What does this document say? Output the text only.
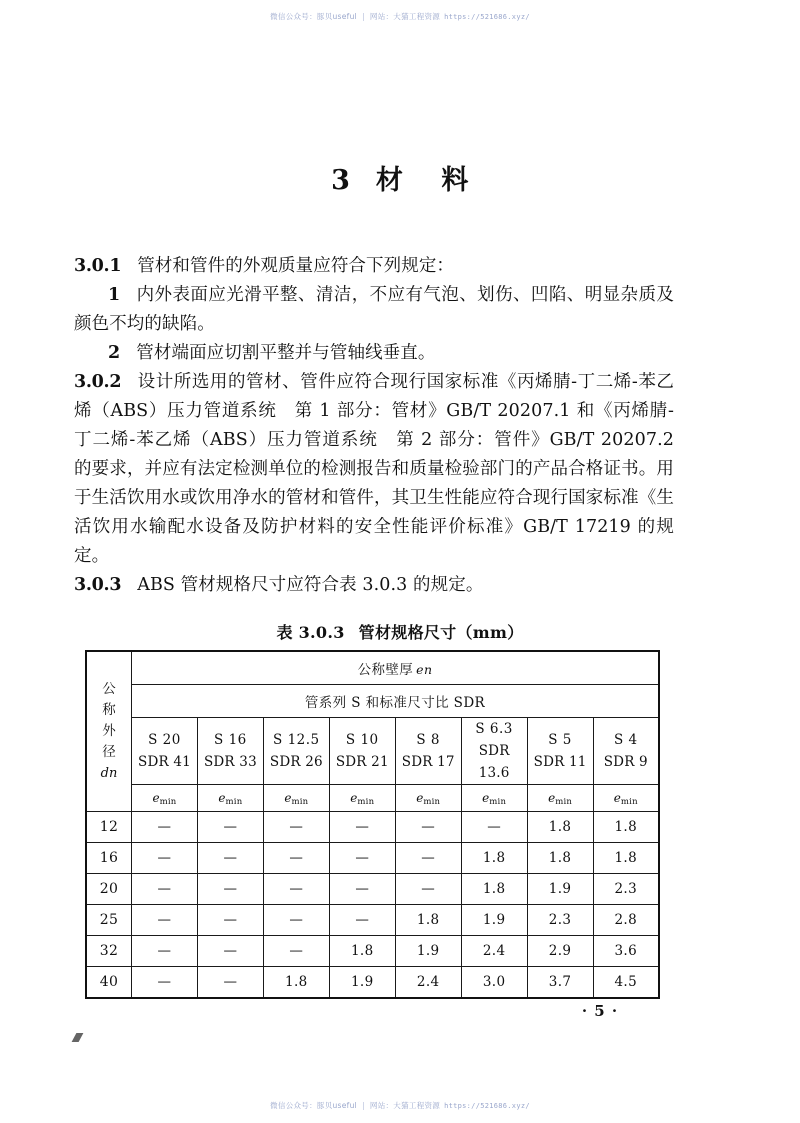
微信公众号：豚贝useful | 网站：大猫工程资源 https://521686.xyz/
3 材 料

3.0.1 管材和管件的外观质量应符合下列规定：

1 内外表面应光滑平整、清洁，不应有气泡、划伤、凹陷、明显杂质及颜色不均的缺陷。

2 管材端面应切割平整并与管轴线垂直。

3.0.2 设计所选用的管材、管件应符合现行国家标准《丙烯腈-丁二烯-苯乙烯（ABS）压力管道系统　第 1 部分：管材》GB/T 20207.1 和《丙烯腈-丁二烯-苯乙烯（ABS）压力管道系统　第 2 部分：管件》GB/T 20207.2 的要求，并应有法定检测单位的检测报告和质量检验部门的产品合格证书。用于生活饮用水或饮用净水的管材和管件，其卫生性能应符合现行国家标准《生活饮用水输配水设备及防护材料的安全性能评价标准》GB/T 17219 的规定。

3.0.3 ABS 管材规格尺寸应符合表 3.0.3 的规定。

表 3.0.3 管材规格尺寸（mm）
公
称
外
径
dn	公称壁厚 en							
	管系列 S 和标准尺寸比 SDR							

	S 20
SDR 41	S 16
SDR 33	S 12.5
SDR 26	S 10
SDR 21	S 8
SDR 17	S 6.3
SDR 13.6	S 5
SDR 11	S 4
SDR 9

	$e_{min}$	$e_{min}$	$e_{min}$	$e_{min}$	$e_{min}$	$e_{min}$	$e_{min}$	$e_{min}$
12	—	—	—	—	—	—	1.8	1.8
16	—	—	—	—	—	1.8	1.8	1.8
20	—	—	—	—	—	1.8	1.9	2.3
25	—	—	—	—	1.8	1.9	2.3	2.8
32	—	—	—	1.8	1.9	2.4	2.9	3.6
40	—	—	1.8	1.9	2.4	3.0	3.7	4.5
· 5 ·
微信公众号：豚贝useful | 网站：大猫工程资源 https://521686.xyz/
